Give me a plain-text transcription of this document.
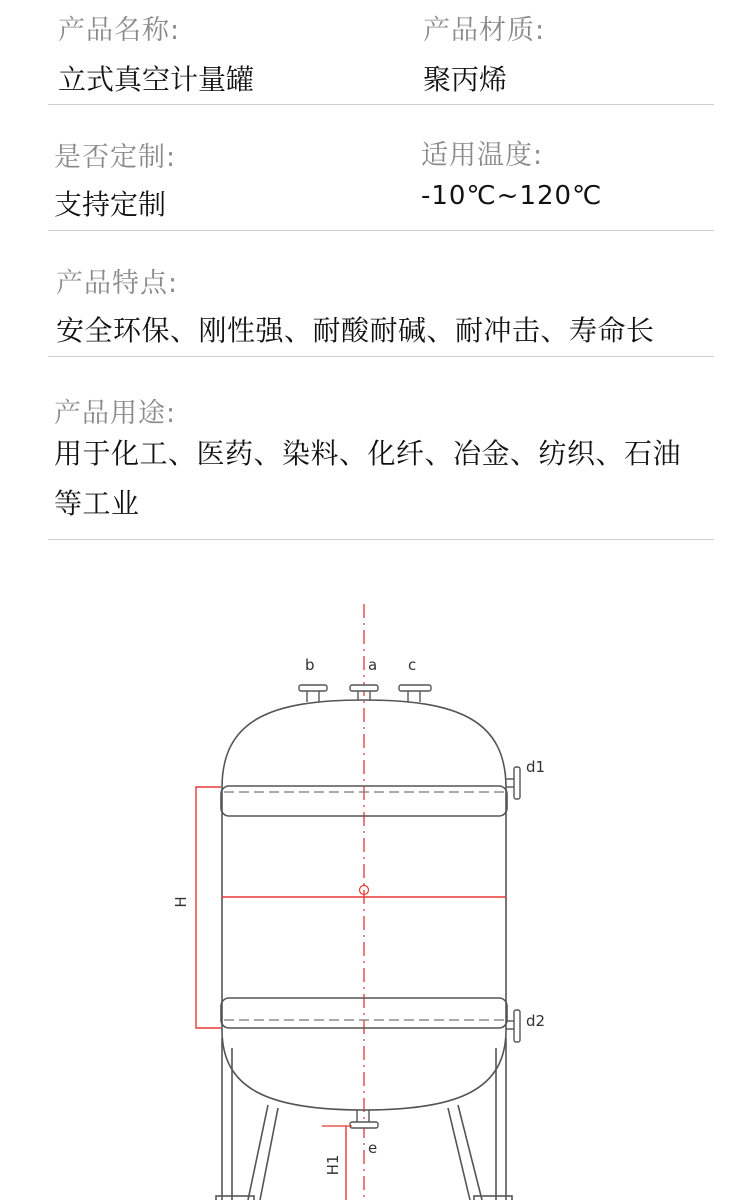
产品名称:
立式真空计量罐
产品材质:
聚丙烯
是否定制:
支持定制
适用温度:
-10℃~120℃
产品特点:
安全环保、刚性强、耐酸耐碱、耐冲击、寿命长
产品用途:
用于化工、医药、染料、化纤、冶金、纺织、石油等工业
H
b	a c
d1
d2
e
H1
